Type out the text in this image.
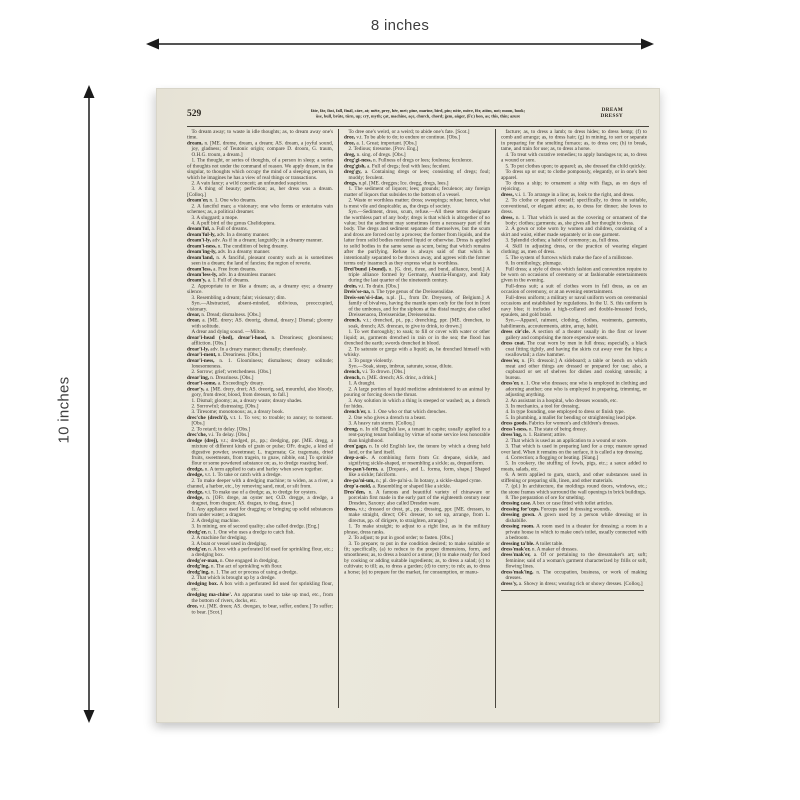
8 inches
10 inches
529	fāte, fär, fȧst, fall, finȧl, cāre, at; mēte, prey, hēr, met; pīne, marīne, bird, pin; nōte, mōve, fôr, atŏm, not; moon, book;
ūse, bull, brūte, tūrn, up; crȳ, myth; çat, machine, açe, church, chord; ġem, aṅger, (Fr.) bon, as; this, thin; azure
DREAM
DRESSY

To dream away; to waste in idle thoughts; as, to dream away one's time.

dream, n. [ME. dreme, dream, a dream; AS. dream, a joyful sound, joy, gladness; of Teutonic origin; compare D. droom, G. traum, O.H.G. troum, a dream.]

1. The thought, or series of thoughts, of a person in sleep; a series of thoughts not under the command of reason. We apply dream, in the singular, to thoughts which occupy the mind of a sleeping person, in which he imagines he has a view of real things or transactions.

2. A vain fancy; a wild conceit; an unfounded suspicion.

3. A thing of beauty; perfection; as, her dress was a dream. [Colloq.]

dream'er, n. 1. One who dreams.

2. A fanciful man; a visionary; one who forms or entertains vain schemes; as, a political dreamer.

3. A sluggard; a mope.

4. A puff bird of the genus Chelidoptera.

dream'ful, a. Full of dreams.

dream'ful-ly, adv. In a dreamy manner.

dream'i-ly, adv. As if in a dream; languidly; in a dreamy manner.

dream'i-ness, n. The condition of being dreamy.

dream'ing-ly, adv. In a dreamy manner.

dream'land, n. A fanciful, pleasant country such as is sometimes seen in a dream; the land of fancies; the region of reverie.

dream'less, a. Free from dreams.

dream'less-ly, adv. In a dreamless manner.

dream'y, a. 1. Full of dreams.

2. Appropriate to or like a dream; as, a dreamy eye; a dreamy silence.

3. Resembling a dream; faint; visionary; dim.

Syn.—Abstracted, absent-minded, oblivious, preoccupied, visionary.

drear, n. Dread; dismalness. [Obs.]

drear, a. [ME. drery; AS. dreorig, dismal, dreary.] Dismal; gloomy with solitude.

A drear and dying sound. —Milton.

drear'i-head (-hed), drear'i-hood, n. Dreariness; gloominess; affliction. [Obs.]

drear'i-ly, adv. In a dreary manner; dismally; cheerlessly.

drear'i-ment, n. Dreariness. [Obs.]

drear'i-ness, n. 1. Gloominess; dismalness; dreary solitude; lonesomeness.

2. Sorrow; grief; wretchedness. [Obs.]

drear'ing, n. Dreariness. [Obs.]

drear'i-some, a. Exceedingly dreary.

drear'y, a. [ME. drery, dreri; AS. dreorig, sad, mournful, also bloody, gory, from dreor, blood, from dreosan, to fall.]

1. Dismal; gloomy; as, a dreary waste; dreary shades.

2. Sorrowful; distressing. [Obs.]

3. Tiresome; monotonous; as, a dreary book.

drec'che (drech'i), v.t. 1. To vex; to trouble; to annoy; to torment. [Obs.]

2. To retard; to delay. [Obs.]

drec'che, v.i. To delay. [Obs.]

dredge (drej), v.t.; dredged, pt., pp.; dredging, ppr. [ME. dregg, a mixture of different kinds of grain or pulse; OFr. dragie, a kind of digestive powder, sweetmeat; L. tragemata; Gr. tragemata, dried fruits, sweetmeats, from tragein, to gnaw, nibble, eat.] To sprinkle flour or some powdered substance on; as, to dredge roasting beef.

dredge, n. A term applied to oats and barley when sown together.

dredge, v.t. 1. To take or catch with a dredge.

2. To make deeper with a dredging machine; to widen, as a river, a channel, a harbor, etc., by removing sand, mud, or silt from.

dredge, v.i. To make use of a dredge; as, to dredge for oysters.

dredge, n. [OFr. drege, an oyster net; O.D. dregge, a dredge, a dragnet, from dragen; AS. dragan, to drag, draw.]

1. Any appliance used for dragging or bringing up solid substances from under water; a dragnet.

2. A dredging machine.

3. In mining, ore of second quality; also called dredge. [Eng.]

dredg'er, n. 1. One who uses a dredge to catch fish.

2. A machine for dredging.

3. A boat or vessel used in dredging.

dredg'er, n. A box with a perforated lid used for sprinkling flour, etc.; a dredging box.

dredg'er-man, n. One engaged in dredging.

dredg'ing, n. The act of sprinkling with flour.

dredg'ing, n. 1. The act or process of using a dredge.

2. That which is brought up by a dredge.

dredging box. A box with a perforated lid used for sprinkling flour, etc.

dredging ma-chine'. An apparatus used to take up mud, etc., from the bottom of rivers, docks, etc.

dree, v.t. [ME. dreen; AS. dreogan, to bear, suffer, endure.] To suffer; to bear. [Scot.]

To dree one's weird, or a weird; to abide one's fate. [Scot.]

dree, v.t. To be able to do; to endure or continue. [Obs.]

dree, a. 1. Great; important. [Obs.]

2. Tedious; tiresome. [Prov. Eng.]

dreg, n. sing. of dregs. [Obs.]

dreg'gi-ness, n. Fullness of dregs or lees; foulness; feculence.

dreg'gish, a. Full of dregs; foul with lees; feculent.

dreg'gy, a. Containing dregs or lees; consisting of dregs; foul; muddy; feculent.

dregs, n.pl. [ME. dregges; Ice. dregg, dregs, lees.]

1. The sediment of liquors; lees; grounds; feculence; any foreign matter of liquors that subsides to the bottom of a vessel.

2. Waste or worthless matter; dross; sweepings; refuse; hence, what is most vile and despicable; as, the dregs of society.

Syn.—Sediment, dross, scum, refuse.—All these terms designate the worthless part of any body; dregs is that which is altogether of no value; but the sediment may sometimes form a necessary part of the body. The dregs and sediment separate of themselves, but the scum and dross are forced out by a process; the former from liquids, and the latter from solid bodies rendered liquid or otherwise. Dross is applied to solid bodies in the same sense as scum, being that which remains after the purifying. Refuse is always said of that which is intentionally separated to be thrown away, and agrees with the former terms only inasmuch as they express what is worthless.

Drei'bund (-bund), n. [G. drei, three, and bund, alliance, bond.] A triple alliance formed by Germany, Austria-Hungary, and Italy during the last quarter of the nineteenth century.

drein, v.i. To drain. [Obs.]

Dreis'se-na, n. The type genus of the Dreissensiidae.

Dreis-sen'si-i-dae, n.pl. [L., from Dr. Dreyssen, of Belgium.] A family of bivalves, having the mantle open only for the foot in front of the umbones, and for the siphons at the distal margin; also called Dreissenacea, Dreissenidae, Dreissensina.

drench, v.t.; drenched, pt., pp.; drenching, ppr. [ME. drenchen, to soak, drench; AS. drencan, to give to drink, to drown.]

1. To wet thoroughly; to soak; to fill or cover with water or other liquid; as, garments drenched in rain or in the sea; the flood has drenched the earth; swords drenched in blood.

2. To saturate or gorge with a liquid; as, he drenched himself with whisky.

3. To purge violently.

Syn.—Soak, steep, imbrue, saturate, souse, dilute.

drench, v.i. To drown. [Obs.]

drench, n. [ME. drench; AS. drinc, a drink.]

1. A draught.

2. A large portion of liquid medicine administered to an animal by pouring or forcing down the throat.

3. Any solution in which a thing is steeped or washed; as, a drench for hides.

drench'er, n. 1. One who or that which drenches.

2. One who gives a drench to a beast.

3. A heavy rain storm. [Colloq.]

dreng, n. In old English law, a tenant in capite; usually applied to a rent-paying tenant holding by virtue of some service less honorable than knighthood.

dren'gage, n. In old English law, the tenure by which a dreng held land, or the land itself.

drep-a-ni-. A combining form from Gr. drepane, sickle, and signifying sickle-shaped, or resembling a sickle; as, drepaniform.

dre-pan'i-form, a. [Drepani-, and L. forma, form, shape.] Shaped like a sickle; falciform.

dre-pa'ni-um, n.; pl. dre-pa'ni-a. In botany, a sickle-shaped cyme.

drep'a-noid, a. Resembling or shaped like a sickle.

Dres'den, n. A famous and beautiful variety of chinaware or porcelain first made in the early part of the eighteenth century near Dresden, Saxony; also called Dresden ware.

dress, v.t.; dressed or drest, pt., pp.; dressing, ppr. [ME. dressen, to make straight, direct; OFr. dresser, to set up, arrange, from L. directus, pp. of dirigere, to straighten, arrange.]

1. To make straight; to adjust to a right line, as in the military phrase, dress ranks.

2. To adjust; to put in good order; to fasten. [Obs.]

3. To prepare; to put in the condition desired; to make suitable or fit; specifically, (a) to reduce to the proper dimensions, form, and smoothness; as, to dress a board or a stone; (b) to make ready for food by cooking or adding suitable ingredients; as, to dress a salad; (c) to cultivate; to till; as, to dress a garden; (d) to curry; to rub; as, to dress a horse; (e) to prepare for the market, for consumption, or manu-

facture; as, to dress a lamb; to dress hides; to dress hemp; (f) to comb and arrange; as, to dress hair; (g) in mining, to sort or separate in preparing for the smelting furnace; as, to dress ore; (h) to break, tame, and train for use; as, to dress a horse.

4. To treat with curative remedies; to apply bandages to; as, to dress a wound or sore.

5. To put clothes upon; to apparel; as, she dressed the child quickly.

To dress up or out; to clothe pompously, elegantly, or in one's best apparel.

To dress a ship; to ornament a ship with flags, as on days of rejoicing.

dress, v.i. 1. To arrange in a line; as, look to the right, and dress.

2. To clothe or apparel oneself; specifically, to dress in suitable, conventional, or elegant attire; as, to dress for dinner; she loves to dress.

dress, n. 1. That which is used as the covering or ornament of the body; clothes; garments; as, she gives all her thought to dress.

2. A gown or robe worn by women and children, consisting of a skirt and waist, either made separately or in one garment.

3. Splendid clothes; a habit of ceremony; as, full dress.

4. Skill in adjusting dress, or the practice of wearing elegant clothing; as, men of dress.

5. The system of furrows which make the face of a millstone.

6. In ornithology, plumage.

Full dress; a style of dress which fashion and convention require to be worn on occasions of ceremony or at fashionable entertainments given in the evening.

Full-dress suit; a suit of clothes worn in full dress, as on an occasion of ceremony, or at an evening entertainment.

Full-dress uniform; a military or naval uniform worn on ceremonial occasions and established by regulations. In the U. S. this uniform is navy blue; it includes a high-collared and double-breasted frock, epaulets, and gold braid.

Syn.—Apparel, raiment, clothing, clothes, vestments, garments, habiliments, accouterments, attire, array, habit.

dress cir'cle. A section of a theater usually in the first or lower gallery and comprising the more expensive seats.

dress coat. The coat worn by men in full dress; especially, a black coat fitting tightly, and having the skirts cut away over the hips; a swallowtail; a claw hammer.

dress'er, n. [Fr. dressoir.] A sideboard; a table or bench on which meat and other things are dressed or prepared for use; also, a cupboard or set of shelves for dishes and cooking utensils; a bureau.

dress'er, n. 1. One who dresses; one who is employed in clothing and adorning another; one who is employed in preparing, trimming, or adjusting anything.

2. An assistant in a hospital, who dresses wounds, etc.

3. In mechanics, a tool for dressing.

4. In type founding, one employed to dress or finish type.

5. In plumbing, a mallet for bending or straightening lead pipe.

dress goods. Fabrics for women's and children's dresses.

dress'i-ness, n. The state of being dressy.

dress'ing, n. 1. Raiment; attire.

2. That which is used as an application to a wound or sore.

3. That which is used in preparing land for a crop; manure spread over land. When it remains on the surface, it is called a top dressing.

4. Correction; a flogging or beating. [Slang.]

5. In cookery, the stuffing of fowls, pigs, etc.; a sauce added to meats, salads, etc.

6. A term applied to gum, starch, and other substances used in stiffening or preparing silk, linen, and other materials.

7. (pl.) In architecture, the moldings round doors, windows, etc.; the stone frames which surround the wall openings in brick buildings.

8. The preparation of ore for smelting.

dressing case. A box or case fitted with toilet articles.

dressing for'ceps. Forceps used in dressing wounds.

dressing gown. A gown used by a person while dressing or in dishabille.

dressing room. A room used in a theater for dressing; a room in a private house in which to make one's toilet, usually connected with a bedroom.

dressing ta'ble. A toilet table.

dress'mak'er, n. A maker of dresses.

dress'mak'er, a. Of or pertaining to the dressmaker's art; soft; feminine; said of a woman's garment characterized by frills or soft, flowing lines.

dress'mak'ing, n. The occupation, business, or work of making dresses.

dress'y, a. Showy in dress; wearing rich or showy dresses. [Colloq.]
